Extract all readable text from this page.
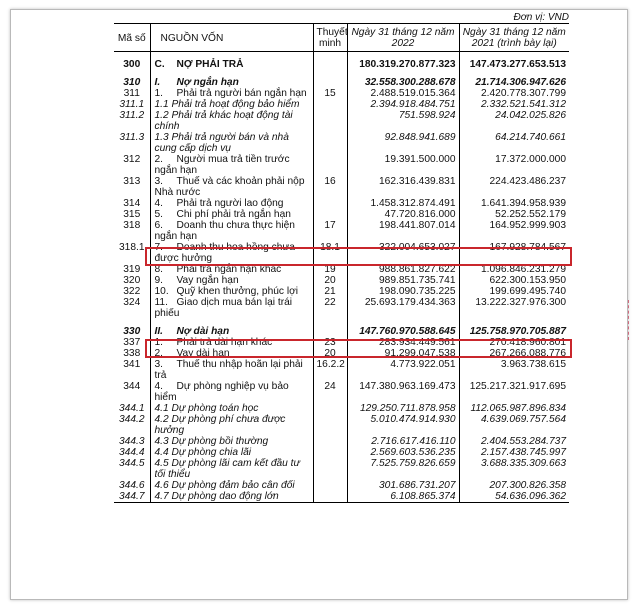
Đơn vị: VND
Mã số	NGUỒN VỐN	Thuyết minh	Ngày 31 tháng 12 năm 2022	Ngày 31 tháng 12 năm 2021 (trình bày lại)

300	C. NỢ PHẢI TRẢ		180.319.270.877.323	147.473.277.653.513

310	I. Nợ ngắn hạn		32.558.300.288.678	21.714.306.947.626
311	1. Phải trả người bán ngắn hạn	15	2.488.519.015.364	2.420.778.307.799
311.1	1.1 Phải trả hoạt động bảo hiểm		2.394.918.484.751	2.332.521.541.312
311.2	1.2 Phải trả khác hoạt động tài chính		751.598.924	24.042.025.826
311.3	1.3 Phải trả người bán và nhà cung cấp dịch vụ		92.848.941.689	64.214.740.661
312	2. Người mua trả tiền trước ngắn hạn		19.391.500.000	17.372.000.000
313	3. Thuế và các khoản phải nộp Nhà nước	16	162.316.439.831	224.423.486.237
314	4. Phải trả người lao động		1.458.312.874.491	1.641.394.958.939
315	5. Chi phí phải trả ngắn hạn		47.720.816.000	52.252.552.179
318	6. Doanh thu chưa thực hiện ngắn hạn	17	198.441.807.014	164.952.999.903
318.1	7. Doanh thu hoa hồng chưa được hưởng	18.1	322.004.653.027	167.928.784.567
319	8. Phải trả ngắn hạn khác	19	988.861.827.622	1.096.846.231.279
320	9. Vay ngắn hạn	20	989.851.735.741	622.300.153.950
322	10. Quỹ khen thưởng, phúc lợi	21	198.090.735.225	199.699.495.740
324	11. Giao dịch mua bán lại trái phiếu	22	25.693.179.434.363	13.222.327.976.300

330	II. Nợ dài hạn		147.760.970.588.645	125.758.970.705.887
337	1. Phải trả dài hạn khác	23	283.934.449.561	270.418.960.801
338	2. Vay dài hạn	20	91.299.047.538	267.266.088.776
341	3. Thuế thu nhập hoãn lại phải trả	16.2.2	4.773.922.051	3.963.738.615
344	4. Dự phòng nghiệp vụ bảo hiểm	24	147.380.963.169.473	125.217.321.917.695
344.1	4.1 Dự phòng toán học		129.250.711.878.958	112.065.987.896.834
344.2	4.2 Dự phòng phí chưa được hưởng		5.010.474.914.930	4.639.069.757.564
344.3	4.3 Dự phòng bồi thường		2.716.617.416.110	2.404.553.284.737
344.4	4.4 Dự phòng chia lãi		2.569.603.536.235	2.157.438.745.997
344.5	4.5 Dự phòng lãi cam kết đầu tư tối thiểu		7.525.759.826.659	3.688.335.309.663
344.6	4.6 Dự phòng đảm bảo cân đối		301.686.731.207	207.300.826.358
344.7	4.7 Dự phòng dao động lớn		6.108.865.374	54.636.096.362
